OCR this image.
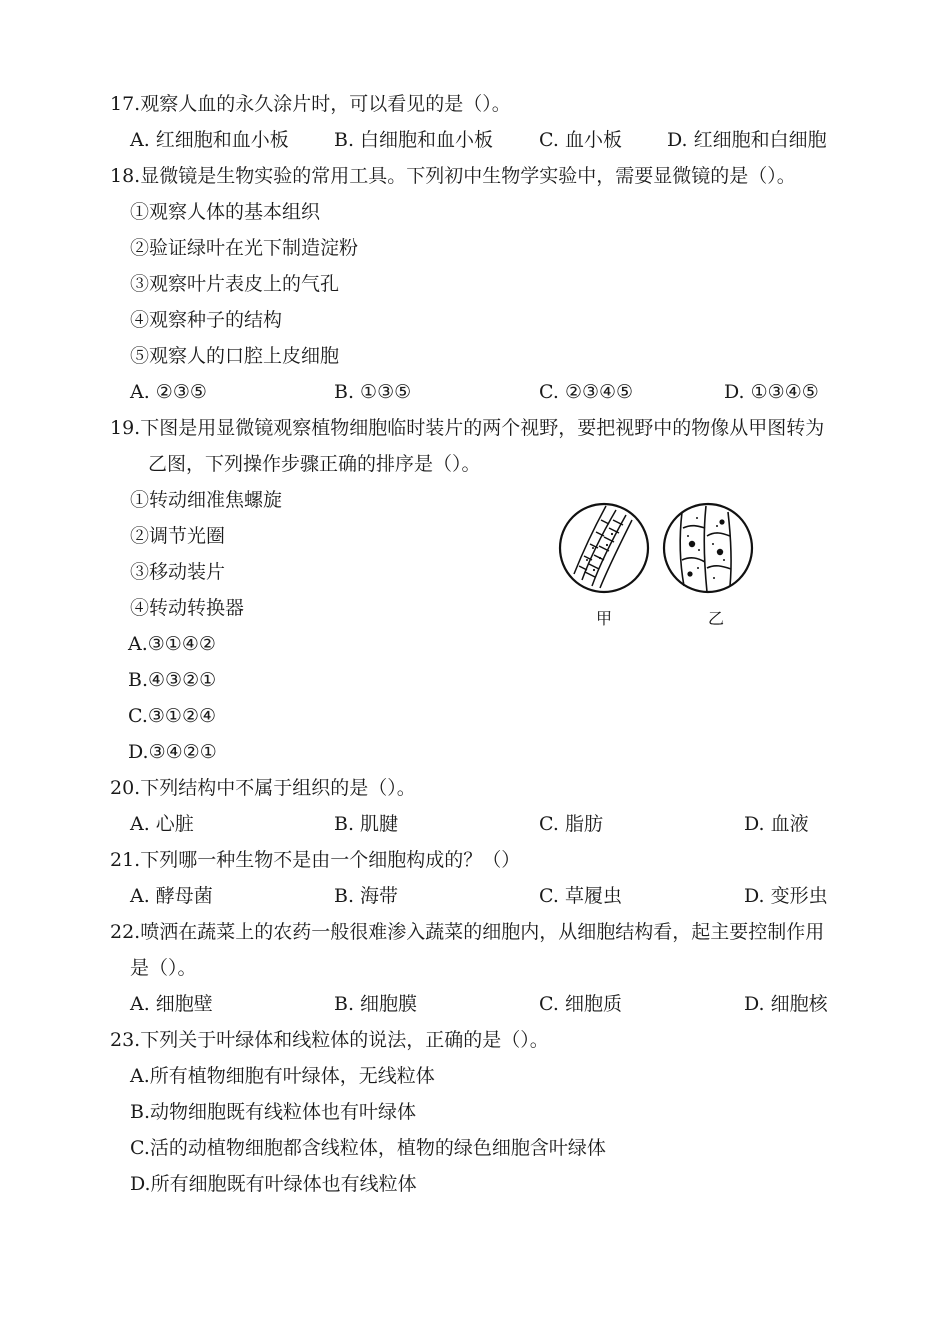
17.观察人血的永久涂片时，可以看见的是（）。
A. 红细胞和血小板 B. 白细胞和血小板 C. 血小板 D. 红细胞和白细胞
18.显微镜是生物实验的常用工具。下列初中生物学实验中，需要显微镜的是（）。
①观察人体的基本组织
②验证绿叶在光下制造淀粉
③观察叶片表皮上的气孔
④观察种子的结构
⑤观察人的口腔上皮细胞
A. ②③⑤	B. ①③⑤	C. ②③④⑤	D. ①③④⑤
19.下图是用显微镜观察植物细胞临时装片的两个视野，要把视野中的物像从甲图转为
乙图，下列操作步骤正确的排序是（）。
①转动细准焦螺旋
②调节光圈
③移动装片
④转动转换器
A.③①④②
B.④③②①
C.③①②④
D.③④②①
甲	乙
20.下列结构中不属于组织的是（）。
A. 心脏	B. 肌腱	C. 脂肪	D. 血液
21.下列哪一种生物不是由一个细胞构成的？（）
A. 酵母菌	B. 海带	C. 草履虫	D. 变形虫
22.喷洒在蔬菜上的农药一般很难渗入蔬菜的细胞内，从细胞结构看，起主要控制作用
是（）。
A. 细胞壁	B. 细胞膜	C. 细胞质	D. 细胞核
23.下列关于叶绿体和线粒体的说法，正确的是（）。
A.所有植物细胞有叶绿体，无线粒体
B.动物细胞既有线粒体也有叶绿体
C.活的动植物细胞都含线粒体，植物的绿色细胞含叶绿体
D.所有细胞既有叶绿体也有线粒体
